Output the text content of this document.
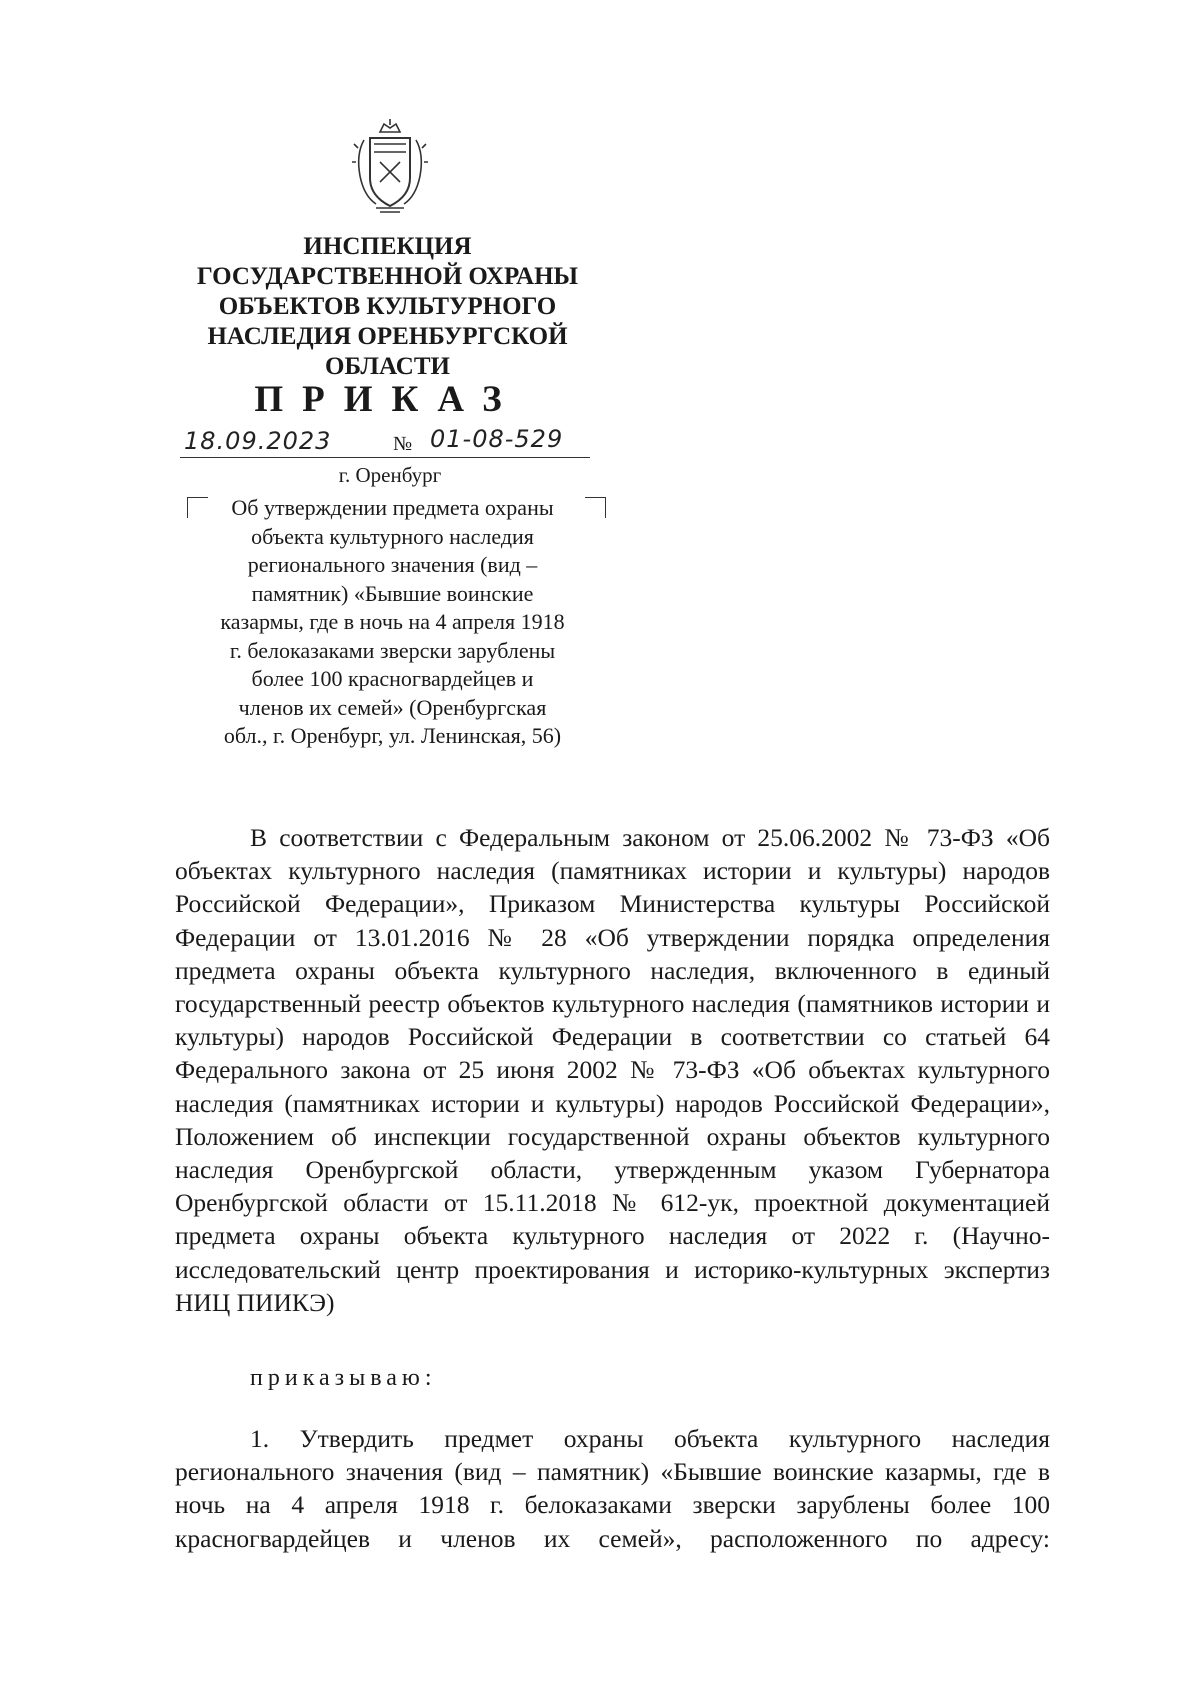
ИНСПЕКЦИЯ
ГОСУДАРСТВЕННОЙ ОХРАНЫ
ОБЪЕКТОВ КУЛЬТУРНОГО
НАСЛЕДИЯ ОРЕНБУРГСКОЙ
ОБЛАСТИ
ПРИКАЗ
18.09.2023	№ 01-08-529
г. Оренбург
Об утверждении предмета охраны
объекта культурного наследия
регионального значения (вид –
памятник) «Бывшие воинские
казармы, где в ночь на 4 апреля 1918
г. белоказаками зверски зарублены
более 100 красногвардейцев и
членов их семей» (Оренбургская
обл., г. Оренбург, ул. Ленинская, 56)

В соответствии с Федеральным законом от 25.06.2002 № 73-ФЗ «Об объектах культурного наследия (памятниках истории и культуры) народов Российской Федерации», Приказом Министерства культуры Российской Федерации от 13.01.2016 № 28 «Об утверждении порядка определения предмета охраны объекта культурного наследия, включенного в единый государственный реестр объектов культурного наследия (памятников истории и культуры) народов Российской Федерации в соответствии со статьей 64 Федерального закона от 25 июня 2002 № 73-ФЗ «Об объектах культурного наследия (памятниках истории и культуры) народов Российской Федерации», Положением об инспекции государственной охраны объектов культурного наследия Оренбургской области, утвержденным указом Губернатора Оренбургской области от 15.11.2018 № 612-ук, проектной документацией предмета охраны объекта культурного наследия от 2022 г. (Научно-исследовательский центр проектирования и историко-культурных экспертиз НИЦ ПИИКЭ)

приказываю:
1. Утвердить предмет охраны объекта культурного наследия
регионального значения (вид – памятник) «Бывшие воинские казармы, где в
ночь на 4 апреля 1918 г. белоказаками зверски зарублены более 100
красногвардейцев и членов их семей», расположенного по адресу:
